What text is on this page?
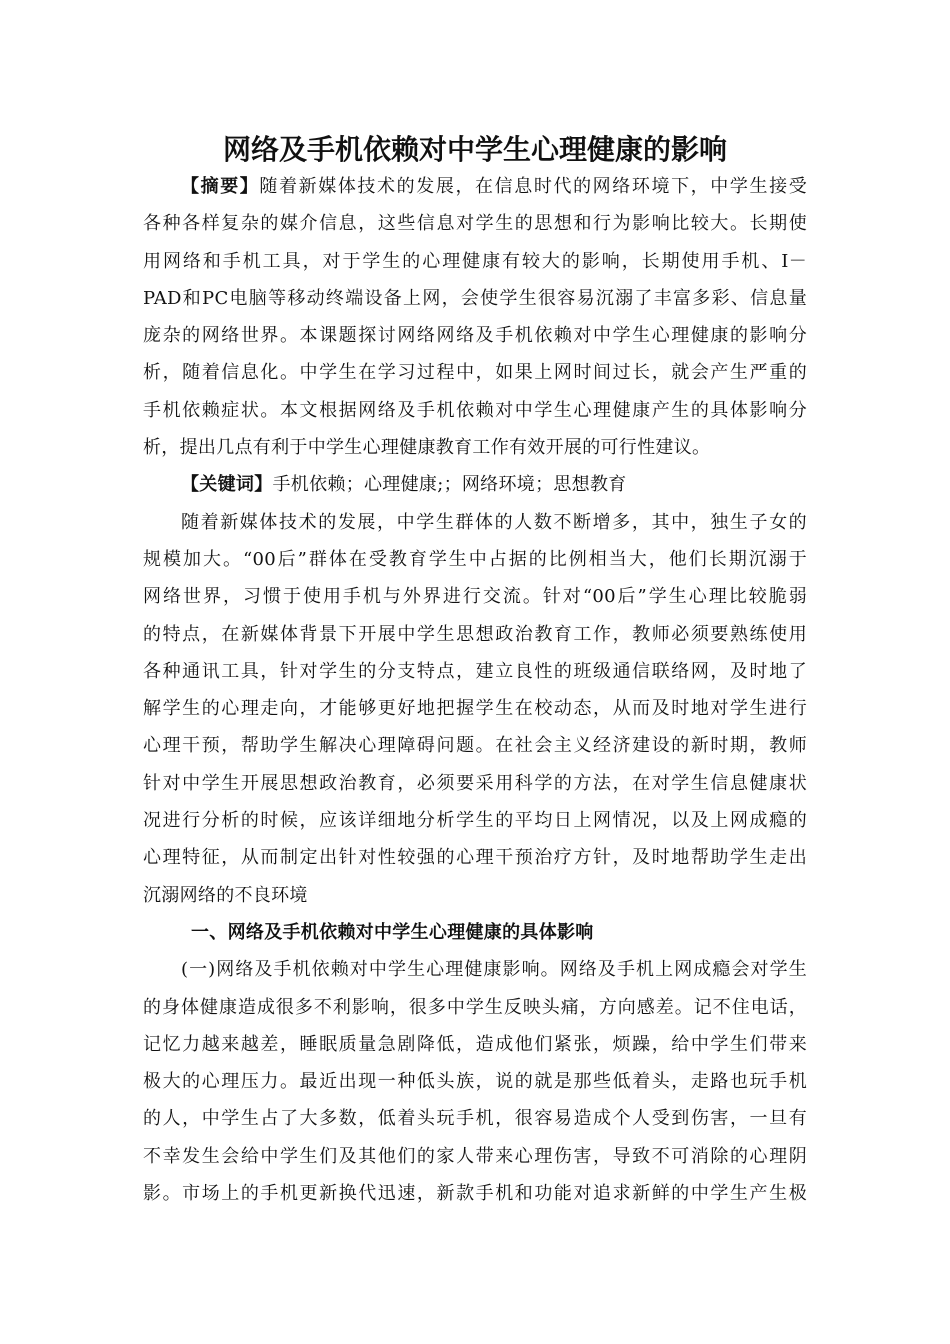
网络及手机依赖对中学生心理健康的影响
【摘要】随着新媒体技术的发展，在信息时代的网络环境下，中学生接受
各种各样复杂的媒介信息，这些信息对学生的思想和行为影响比较大。长期使
用网络和手机工具，对于学生的心理健康有较大的影响，长期使用手机、I－
PAD和PC电脑等移动终端设备上网，会使学生很容易沉溺了丰富多彩、信息量
庞杂的网络世界。本课题探讨网络网络及手机依赖对中学生心理健康的影响分
析，随着信息化。中学生在学习过程中，如果上网时间过长，就会产生严重的
手机依赖症状。本文根据网络及手机依赖对中学生心理健康产生的具体影响分
析，提出几点有利于中学生心理健康教育工作有效开展的可行性建议。
【关键词】手机依赖；心理健康;；网络环境；思想教育
随着新媒体技术的发展，中学生群体的人数不断增多，其中，独生子女的
规模加大。“00后”群体在受教育学生中占据的比例相当大，他们长期沉溺于
网络世界，习惯于使用手机与外界进行交流。针对“00后”学生心理比较脆弱
的特点，在新媒体背景下开展中学生思想政治教育工作，教师必须要熟练使用
各种通讯工具，针对学生的分支特点，建立良性的班级通信联络网，及时地了
解学生的心理走向，才能够更好地把握学生在校动态，从而及时地对学生进行
心理干预，帮助学生解决心理障碍问题。在社会主义经济建设的新时期，教师
针对中学生开展思想政治教育，必须要采用科学的方法，在对学生信息健康状
况进行分析的时候，应该详细地分析学生的平均日上网情况，以及上网成瘾的
心理特征，从而制定出针对性较强的心理干预治疗方针，及时地帮助学生走出
沉溺网络的不良环境
一、网络及手机依赖对中学生心理健康的具体影响
(一)网络及手机依赖对中学生心理健康影响。网络及手机上网成瘾会对学生
的身体健康造成很多不利影响，很多中学生反映头痛，方向感差。记不住电话，
记忆力越来越差，睡眠质量急剧降低，造成他们紧张，烦躁，给中学生们带来
极大的心理压力。最近出现一种低头族，说的就是那些低着头，走路也玩手机
的人，中学生占了大多数，低着头玩手机，很容易造成个人受到伤害，一旦有
不幸发生会给中学生们及其他们的家人带来心理伤害，导致不可消除的心理阴
影。市场上的手机更新换代迅速，新款手机和功能对追求新鲜的中学生产生极
